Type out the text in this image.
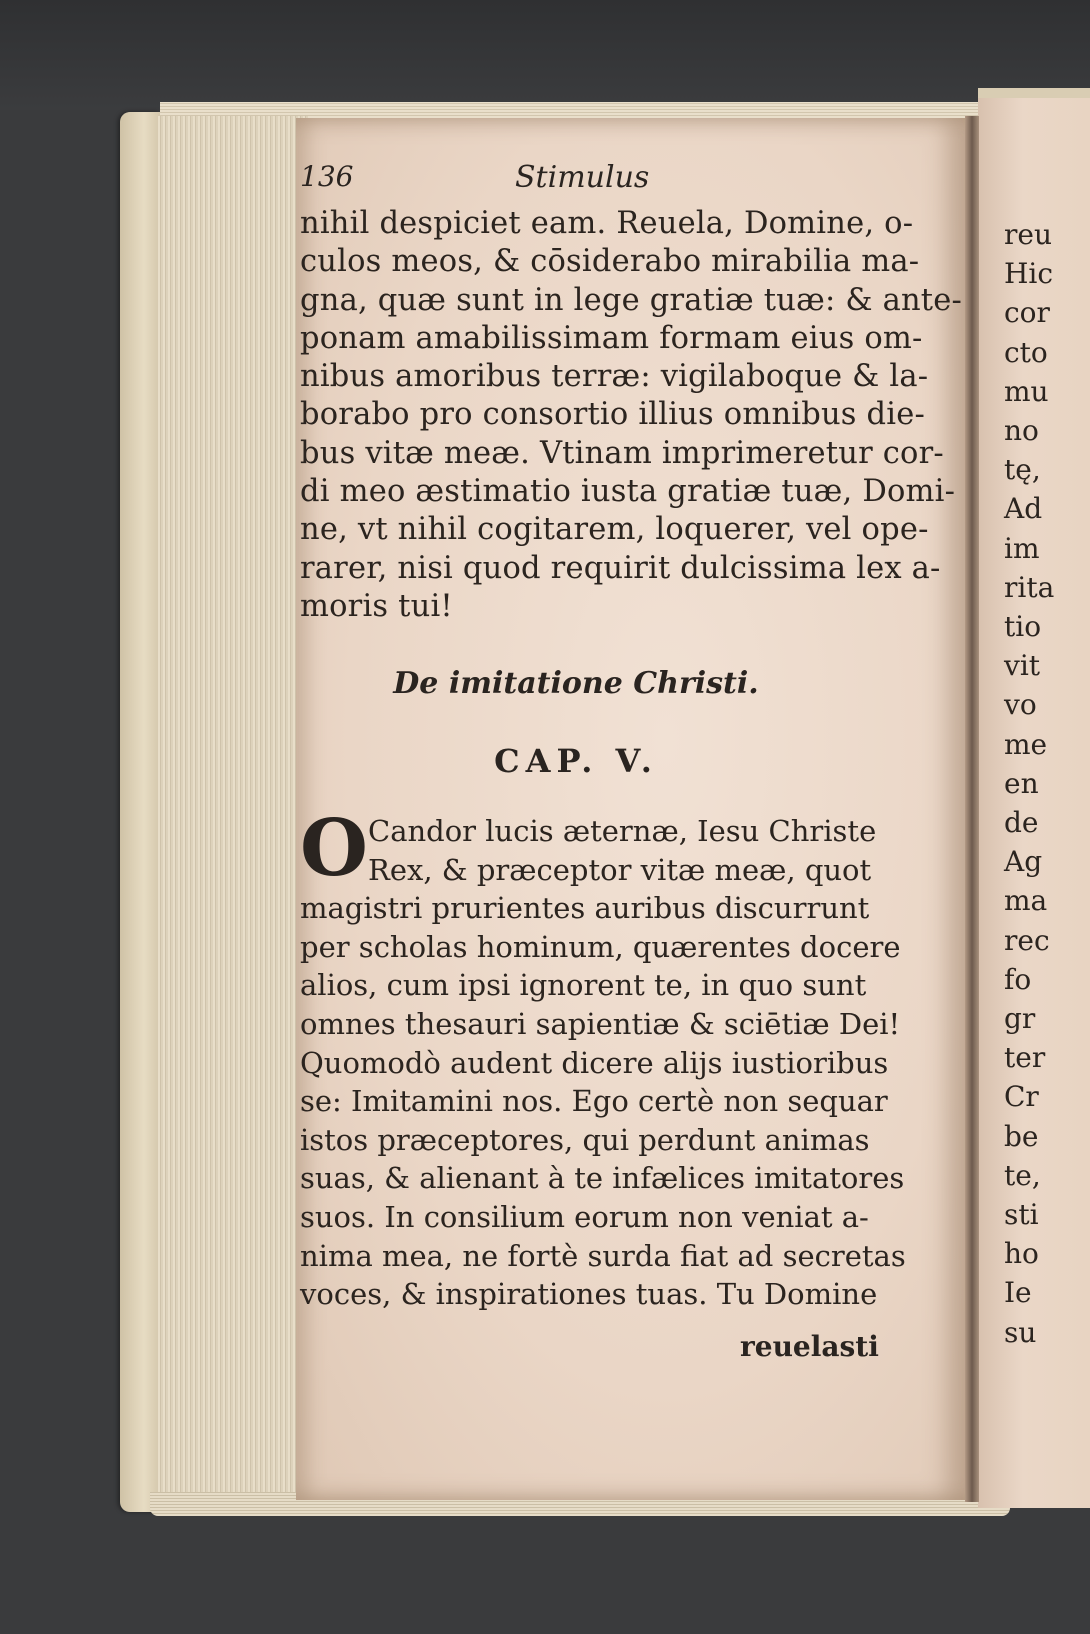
136	Stimulus
nihil despiciet eam. Reuela, Domine, o-
culos meos, & cōsiderabo mirabilia ma-
gna, quæ sunt in lege gratiæ tuæ: & ante-
ponam amabilissimam formam eius om-
nibus amoribus terræ: vigilaboque & la-
borabo pro consortio illius omnibus die-
bus vitæ meæ. Vtinam imprimeretur cor-
di meo æstimatio iusta gratiæ tuæ, Domi-
ne, vt nihil cogitarem, loquerer, vel ope-
rarer, nisi quod requirit dulcissima lex a-
moris tui!
De imitatione Christi.
CAP. V.
O Candor lucis æternæ, Iesu Christe
Rex, & præceptor vitæ meæ, quot
magistri prurientes auribus discurrunt
per scholas hominum, quærentes docere
alios, cum ipsi ignorent te, in quo sunt
omnes thesauri sapientiæ & sciētiæ Dei!
Quomodò audent dicere alijs iustioribus
se: Imitamini nos. Ego certè non sequar
istos præceptores, qui perdunt animas
suas, & alienant à te infælices imitatores
suos. In consilium eorum non veniat a-
nima mea, ne fortè surda fiat ad secretas
voces, & inspirationes tuas. Tu Domine
reuelasti
reu
Hic
cor
cto
mu
no
tę,
Ad
im
rita
tio
vit
vo
me
en
de
Ag
ma
rec
fo
gr
ter
Cr
be
te,
sti
ho
Ie
su
